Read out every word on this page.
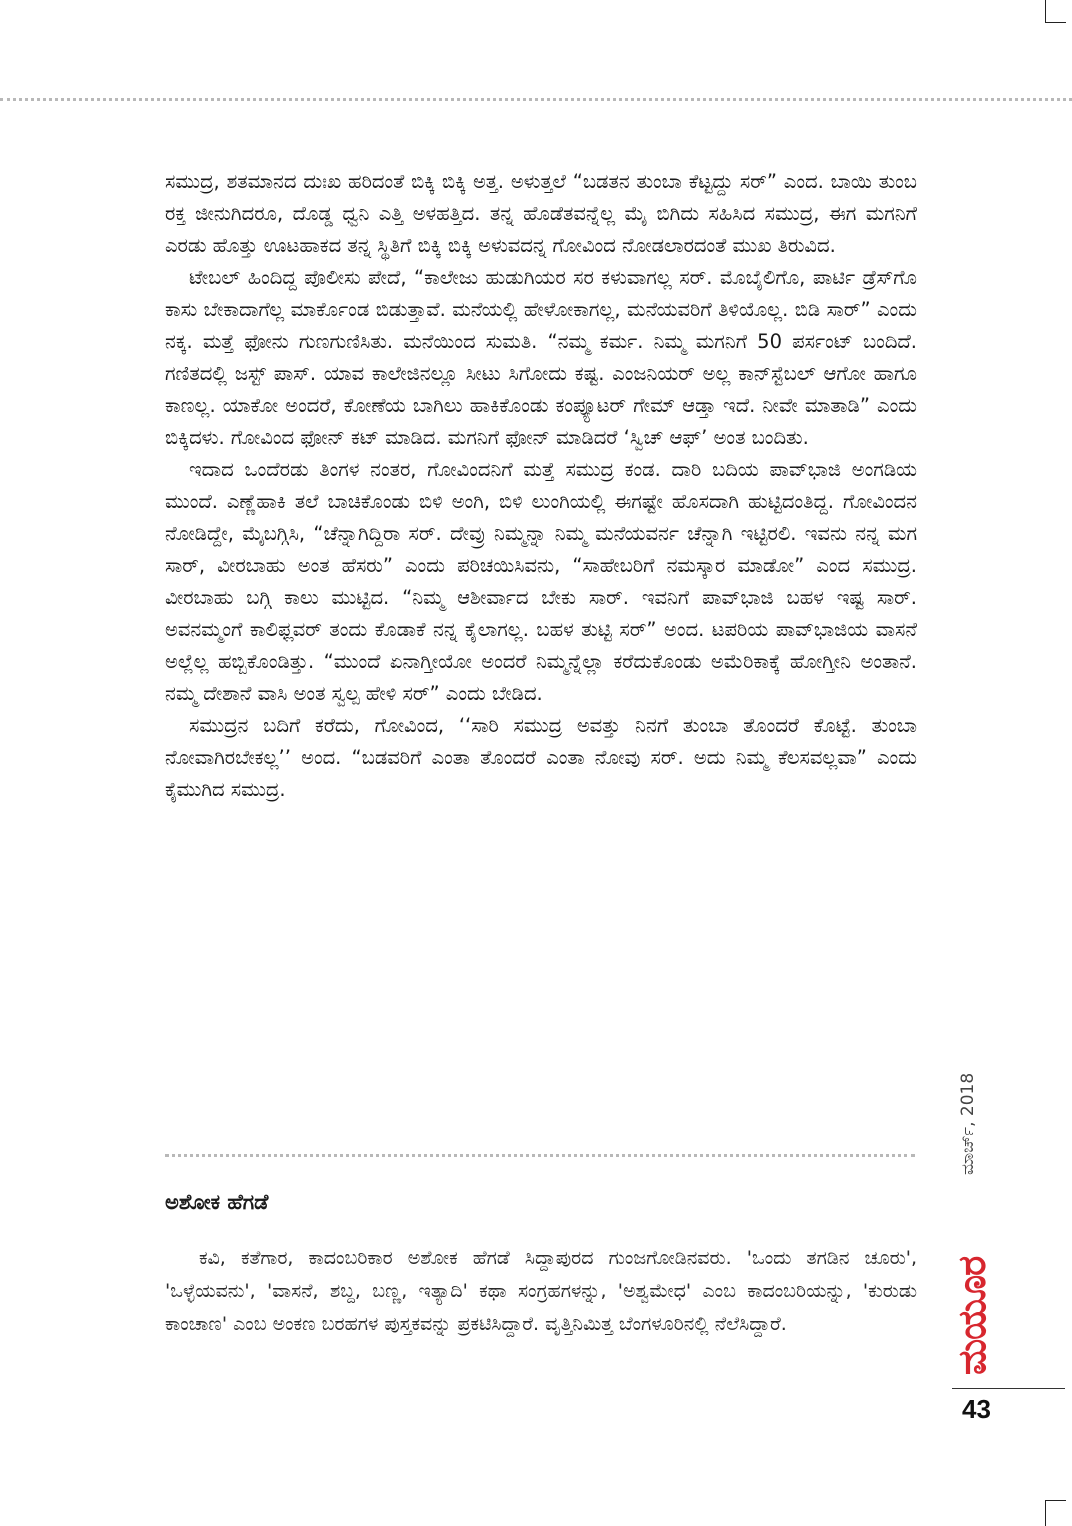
ಸಮುದ್ರ, ಶತಮಾನದ ದುಃಖ ಹರಿದಂತೆ ಬಿಕ್ಕಿ ಬಿಕ್ಕಿ ಅತ್ತ. ಅಳುತ್ತಲೆ “ಬಡತನ ತುಂಬಾ ಕೆಟ್ಟದ್ದು ಸರ್” ಎಂದ. ಬಾಯಿ ತುಂಬ ರಕ್ತ ಜೀನುಗಿದರೂ, ದೊಡ್ಡ ಧ್ವನಿ ಎತ್ತಿ ಅಳಹತ್ತಿದ. ತನ್ನ ಹೊಡೆತವನ್ನೆಲ್ಲ ಮೈ ಬಿಗಿದು ಸಹಿಸಿದ ಸಮುದ್ರ, ಈಗ ಮಗನಿಗೆ ಎರಡು ಹೊತ್ತು ಊಟಹಾಕದ ತನ್ನ ಸ್ಥಿತಿಗೆ ಬಿಕ್ಕಿ ಬಿಕ್ಕಿ ಅಳುವದನ್ನ ಗೋವಿಂದ ನೋಡಲಾರದಂತೆ ಮುಖ ತಿರುವಿದ.

ಟೇಬಲ್ ಹಿಂದಿದ್ದ ಪೊಲೀಸು ಪೇದೆ, “ಕಾಲೇಜು ಹುಡುಗಿಯರ ಸರ ಕಳುವಾಗಲ್ಲ ಸರ್. ಮೊಬೈಲಿಗೊ, ಪಾರ್ಟಿ ಡ್ರೆಸ್‌ಗೊ ಕಾಸು ಬೇಕಾದಾಗೆಲ್ಲ ಮಾರ್ಕೊಂಡ ಬಿಡುತ್ತಾವೆ. ಮನೆಯಲ್ಲಿ ಹೇಳೋಕಾಗಲ್ಲ, ಮನೆಯವರಿಗೆ ತಿಳಿಯೊಲ್ಲ. ಬಿಡಿ ಸಾರ್” ಎಂದು ನಕ್ಕ. ಮತ್ತೆ ಫೋನು ಗುಣಗುಣಿಸಿತು. ಮನೆಯಿಂದ ಸುಮತಿ. “ನಮ್ಮ ಕರ್ಮ. ನಿಮ್ಮ ಮಗನಿಗೆ 50 ಪರ್ಸಂಟ್ ಬಂದಿದೆ. ಗಣಿತದಲ್ಲಿ ಜಸ್ಟ್ ಪಾಸ್. ಯಾವ ಕಾಲೇಜಿನಲ್ಲೂ ಸೀಟು ಸಿಗೋದು ಕಷ್ಟ. ಎಂಜನಿಯರ್ ಅಲ್ಲ ಕಾನ್‌ಸ್ಟೆಬಲ್ ಆಗೋ ಹಾಗೂ ಕಾಣಲ್ಲ. ಯಾಕೋ ಅಂದರೆ, ಕೋಣೆಯ ಬಾಗಿಲು ಹಾಕಿಕೊಂಡು ಕಂಪ್ಯೂಟರ್ ಗೇಮ್ ಆಡ್ತಾ ಇದೆ. ನೀವೇ ಮಾತಾಡಿ” ಎಂದು ಬಿಕ್ಕಿದಳು. ಗೋವಿಂದ ಫೋನ್ ಕಟ್ ಮಾಡಿದ. ಮಗನಿಗೆ ಫೋನ್ ಮಾಡಿದರೆ ‘ಸ್ವಿಚ್ ಆಫ್’ ಅಂತ ಬಂದಿತು.

ಇದಾದ ಒಂದೆರಡು ತಿಂಗಳ ನಂತರ, ಗೋವಿಂದನಿಗೆ ಮತ್ತೆ ಸಮುದ್ರ ಕಂಡ. ದಾರಿ ಬದಿಯ ಪಾವ್‌ಭಾಜಿ ಅಂಗಡಿಯ ಮುಂದೆ. ಎಣ್ಣೆಹಾಕಿ ತಲೆ ಬಾಚಿಕೊಂಡು ಬಿಳಿ ಅಂಗಿ, ಬಿಳಿ ಲುಂಗಿಯಲ್ಲಿ ಈಗಷ್ಟೇ ಹೊಸದಾಗಿ ಹುಟ್ಟಿದಂತಿದ್ದ. ಗೋವಿಂದನ ನೋಡಿದ್ದೇ, ಮೈಬಗ್ಗಿಸಿ, “ಚೆನ್ನಾಗಿದ್ದಿರಾ ಸರ್. ದೇವ್ರು ನಿಮ್ಮನ್ನಾ ನಿಮ್ಮ ಮನೆಯವರ್ನ ಚೆನ್ನಾಗಿ ಇಟ್ಟಿರಲಿ. ಇವನು ನನ್ನ ಮಗ ಸಾರ್, ವೀರಬಾಹು ಅಂತ ಹೆಸರು” ಎಂದು ಪರಿಚಯಿಸಿವನು, “ಸಾಹೇಬರಿಗೆ ನಮಸ್ಕಾರ ಮಾಡೋ” ಎಂದ ಸಮುದ್ರ. ವೀರಬಾಹು ಬಗ್ಗಿ ಕಾಲು ಮುಟ್ಟಿದ. “ನಿಮ್ಮ ಆಶೀರ್ವಾದ ಬೇಕು ಸಾರ್. ಇವನಿಗೆ ಪಾವ್‌ಭಾಜಿ ಬಹಳ ಇಷ್ಟ ಸಾರ್. ಅವನಮ್ಮಂಗೆ ಕಾಲಿಫ್ಲವರ್ ತಂದು ಕೊಡಾಕೆ ನನ್ನ ಕೈಲಾಗಲ್ಲ. ಬಹಳ ತುಟ್ಟಿ ಸರ್” ಅಂದ. ಟಪರಿಯ ಪಾವ್‌ಭಾಜಿಯ ವಾಸನೆ ಅಲ್ಲೆಲ್ಲ ಹಬ್ಬಿಕೊಂಡಿತ್ತು. “ಮುಂದೆ ಏನಾಗ್ತೀಯೋ ಅಂದರೆ ನಿಮ್ಮನ್ನೆಲ್ಲಾ ಕರೆದುಕೊಂಡು ಅಮೆರಿಕಾಕ್ಕೆ ಹೋಗ್ತೀನಿ ಅಂತಾನೆ. ನಮ್ಮ ದೇಶಾನೆ ವಾಸಿ ಅಂತ ಸ್ವಲ್ಪ ಹೇಳಿ ಸರ್” ಎಂದು ಬೇಡಿದ.

ಸಮುದ್ರನ ಬದಿಗೆ ಕರೆದು, ಗೋವಿಂದ, ‘‘ಸಾರಿ ಸಮುದ್ರ ಅವತ್ತು ನಿನಗೆ ತುಂಬಾ ತೊಂದರೆ ಕೊಟ್ಟೆ. ತುಂಬಾ ನೋವಾಗಿರಬೇಕಲ್ಲ’’ ಅಂದ. “ಬಡವರಿಗೆ ಎಂತಾ ತೊಂದರೆ ಎಂತಾ ನೋವು ಸರ್. ಅದು ನಿಮ್ಮ ಕೆಲಸವಲ್ಲವಾ” ಎಂದು ಕೈಮುಗಿದ ಸಮುದ್ರ.

ಅಶೋಕ ಹೆಗಡೆ

ಕವಿ, ಕತೆಗಾರ, ಕಾದಂಬರಿಕಾರ ಅಶೋಕ ಹೆಗಡೆ ಸಿದ್ದಾಪುರದ ಗುಂಜಗೋಡಿನವರು. 'ಒಂದು ತಗಡಿನ ಚೂರು', 'ಒಳ್ಳೆಯವನು', 'ವಾಸನೆ, ಶಬ್ದ, ಬಣ್ಣ, ಇತ್ಯಾದಿ' ಕಥಾ ಸಂಗ್ರಹಗಳನ್ನು, 'ಅಶ್ವಮೇಧ' ಎಂಬ ಕಾದಂಬರಿಯನ್ನು, 'ಕುರುಡು ಕಾಂಚಾಣ' ಎಂಬ ಅಂಕಣ ಬರಹಗಳ ಪುಸ್ತಕವನ್ನು ಪ್ರಕಟಿಸಿದ್ದಾರೆ. ವೃತ್ತಿನಿಮಿತ್ತ ಬೆಂಗಳೂರಿನಲ್ಲಿ ನೆಲೆಸಿದ್ದಾರೆ.

ಮಾರ್ಚ್, 2018
ಮಯೂರ

43
